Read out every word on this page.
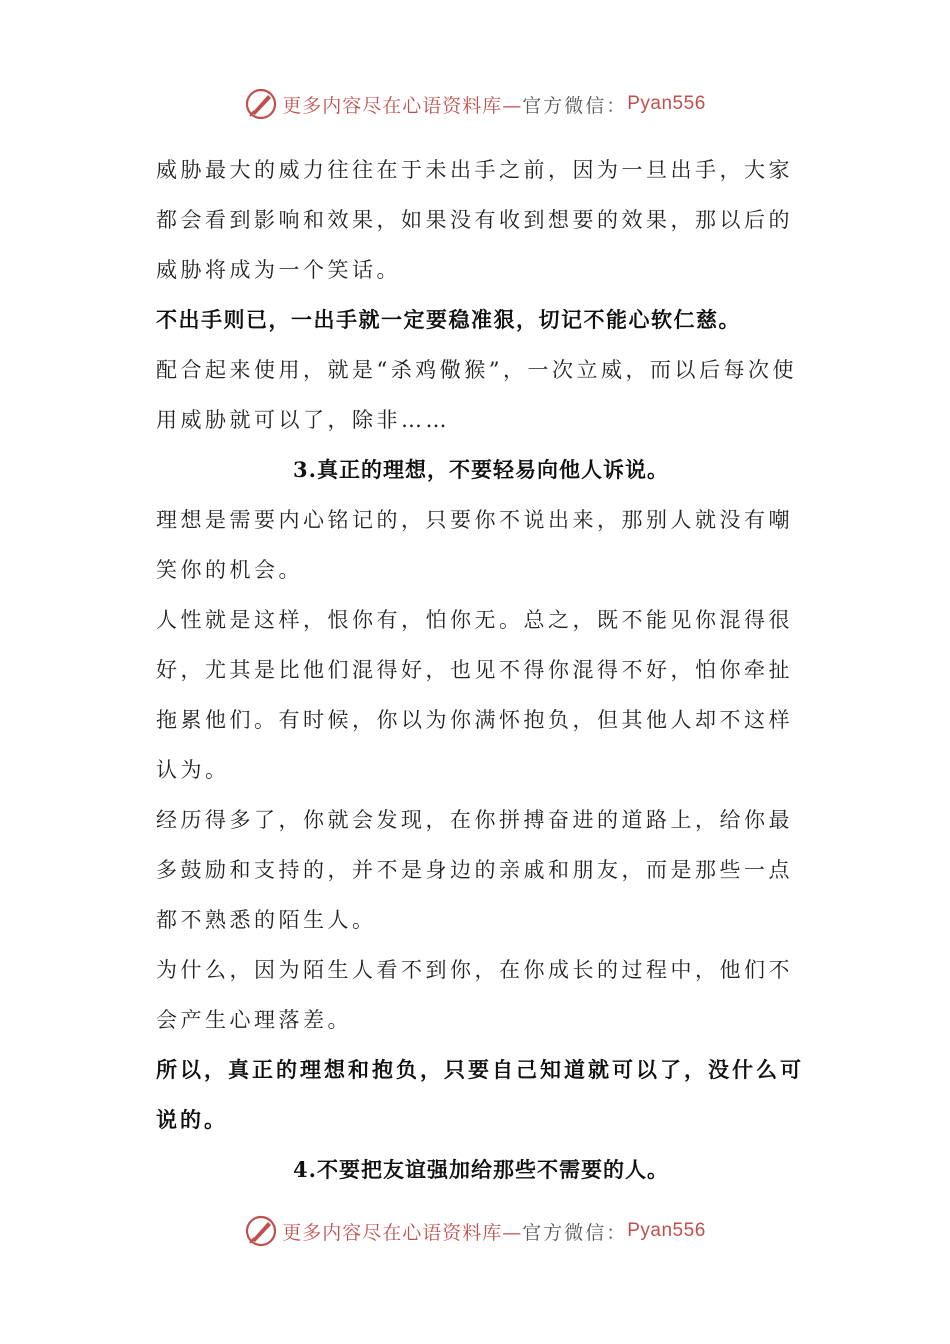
更多内容尽在心语资料库— 官方微信： Pyan556

威胁最大的威力往往在于未出手之前，因为一旦出手，大家都会看到影响和效果，如果没有收到想要的效果，那以后的威胁将成为一个笑话。

不出手则已，一出手就一定要稳准狠，切记不能心软仁慈。

配合起来使用，就是“杀鸡儆猴”，一次立威，而以后每次使用威胁就可以了，除非……

3.真正的理想，不要轻易向他人诉说。

理想是需要内心铭记的，只要你不说出来，那别人就没有嘲笑你的机会。

人性就是这样，恨你有，怕你无。总之，既不能见你混得很好，尤其是比他们混得好，也见不得你混得不好，怕你牵扯拖累他们。有时候，你以为你满怀抱负，但其他人却不这样认为。

经历得多了，你就会发现，在你拼搏奋进的道路上，给你最多鼓励和支持的，并不是身边的亲戚和朋友，而是那些一点都不熟悉的陌生人。

为什么，因为陌生人看不到你，在你成长的过程中，他们不会产生心理落差。

所以，真正的理想和抱负，只要自己知道就可以了，没什么可说的。

4.不要把友谊强加给那些不需要的人。

更多内容尽在心语资料库— 官方微信： Pyan556
